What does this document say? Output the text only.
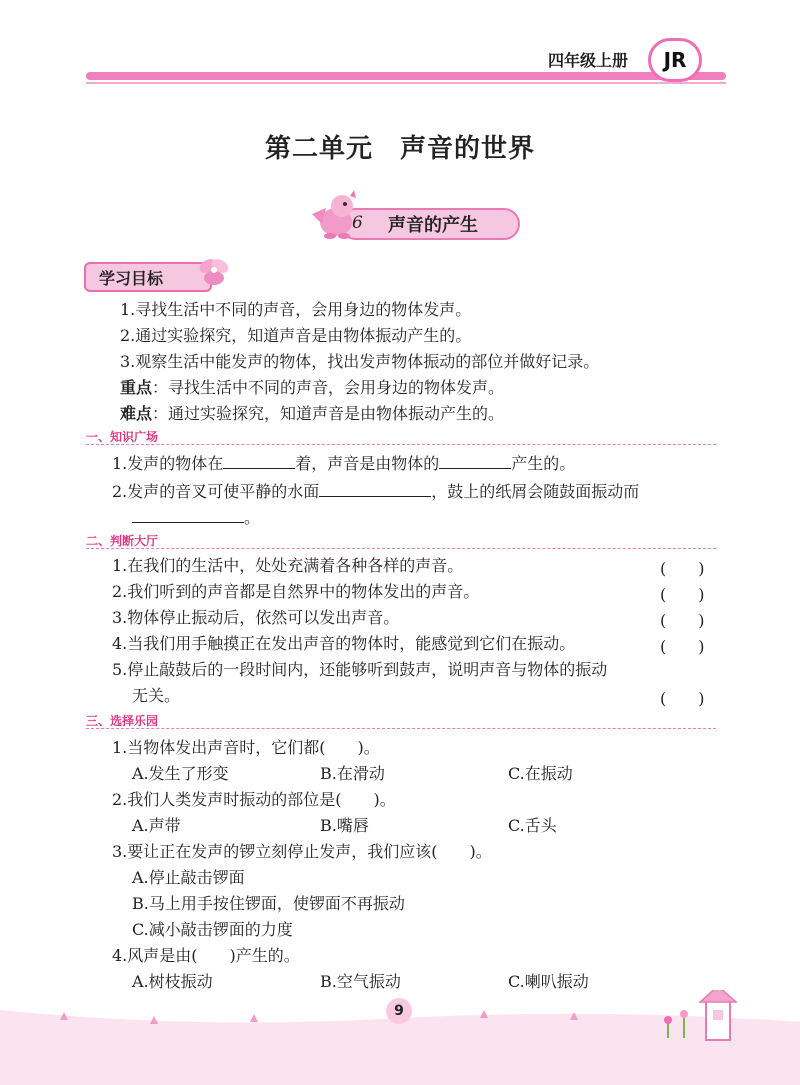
四年级上册	JR
第二单元　声音的世界
6 声音的产生
学习目标
1.寻找生活中不同的声音，会用身边的物体发声。
2.通过实验探究，知道声音是由物体振动产生的。
3.观察生活中能发声的物体，找出发声物体振动的部位并做好记录。
重点：寻找生活中不同的声音，会用身边的物体发声。
难点：通过实验探究，知道声音是由物体振动产生的。
一、知识广场
1.发声的物体在	着，声音是由物体的	产生的。
2.发声的音叉可使平静的水面	，鼓上的纸屑会随鼓面振动而
。
二、判断大厅
1.在我们的生活中，处处充满着各种各样的声音。	(　　)
2.我们听到的声音都是自然界中的物体发出的声音。	(　　)
3.物体停止振动后，依然可以发出声音。	(　　)
4.当我们用手触摸正在发出声音的物体时，能感觉到它们在振动。	(　　)
5.停止敲鼓后的一段时间内，还能够听到鼓声，说明声音与物体的振动
无关。	(　　)
三、选择乐园
1.当物体发出声音时，它们都(　　)。
A.发生了形变	B.在滑动	C.在振动
2.我们人类发声时振动的部位是(　　)。
A.声带	B.嘴唇	C.舌头
3.要让正在发声的锣立刻停止发声，我们应该(　　)。
A.停止敲击锣面
B.马上用手按住锣面，使锣面不再振动
C.减小敲击锣面的力度
4.风声是由(　　)产生的。
A.树枝振动	B.空气振动	C.喇叭振动
9
